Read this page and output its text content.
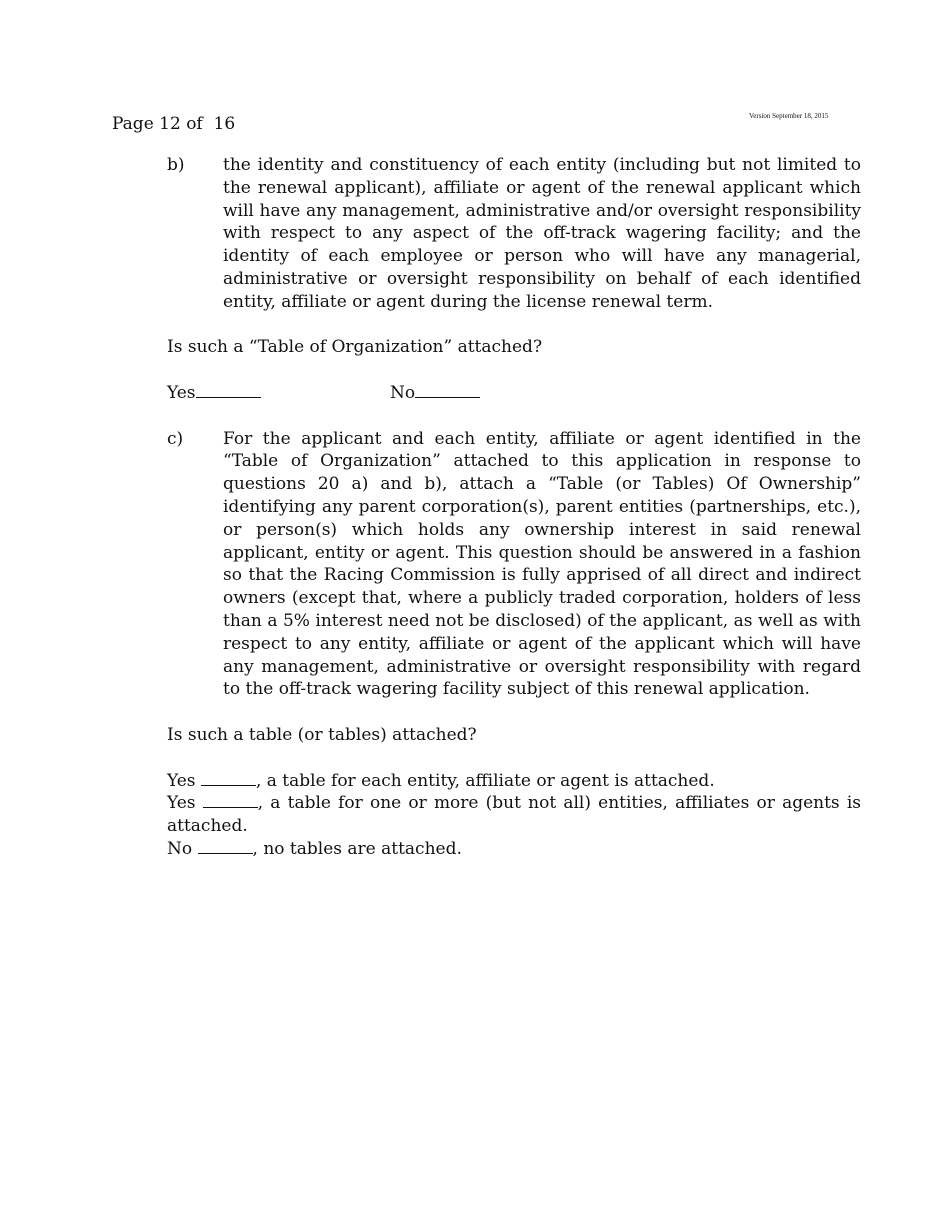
Page 12 of  16	Version September 18, 2015
b)	the identity and constituency of each entity (including but not limited to the renewal applicant), affiliate or agent of the renewal applicant which will have any management, administrative and/or oversight responsibility with respect to any aspect of the off-track wagering facility; and the identity of each employee or person who will have any managerial, administrative or oversight responsibility on behalf of each identified entity, affiliate or agent during the license renewal term.

Is such a “Table of Organization” attached?

Yes	No
c)	For the applicant and each entity, affiliate or agent identified in the “Table of Organization” attached to this application in response to questions 20 a) and b), attach a “Table (or Tables) Of Ownership” identifying any parent corporation(s), parent entities (partnerships, etc.), or person(s) which holds any ownership interest in said renewal applicant, entity or agent. This question should be answered in a fashion so that the Racing Commission is fully apprised of all direct and indirect owners (except that, where a publicly traded corporation, holders of less than a 5% interest need not be disclosed) of the applicant, as well as with respect to any entity, affiliate or agent of the applicant which will have any management, administrative or oversight responsibility with regard to the off-track wagering facility subject of this renewal application.

Is such a table (or tables) attached?

Yes	, a table for each entity, affiliate or agent is attached.

Yes	, a table for one or more (but not all) entities, affiliates or agents is attached.

No	, no tables are attached.
